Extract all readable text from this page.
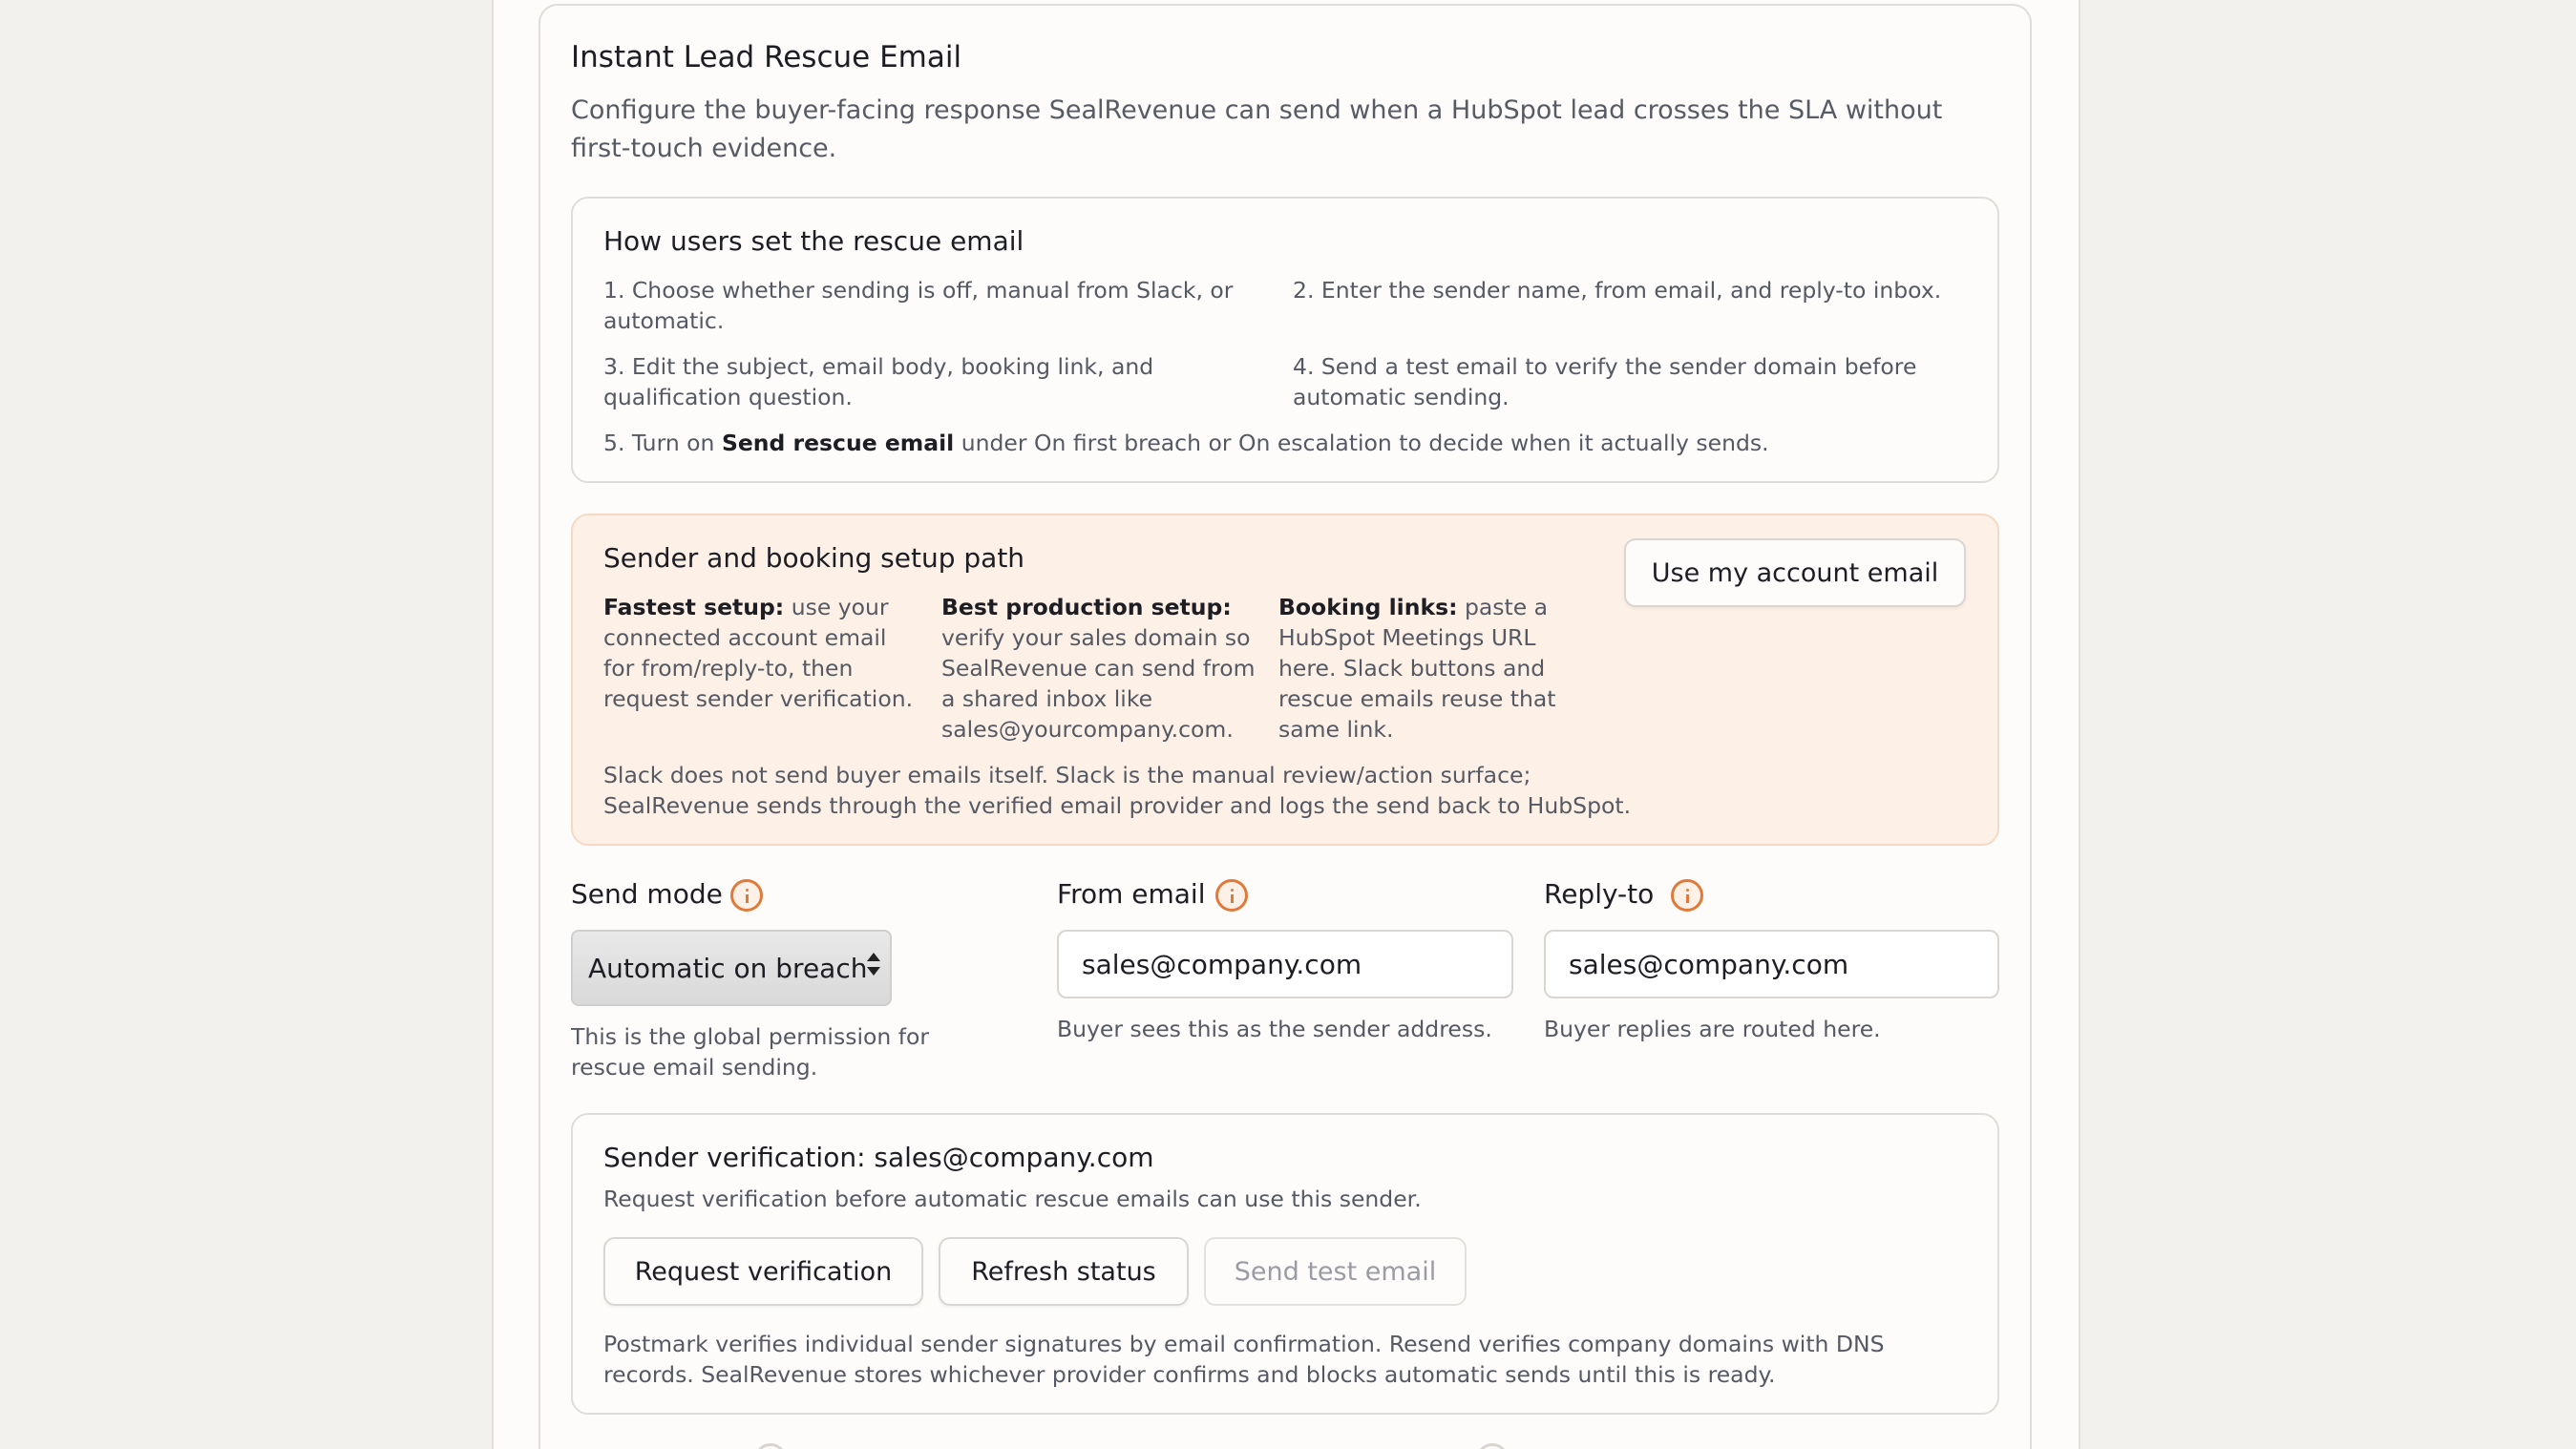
Instant Lead Rescue Email
Configure the buyer-facing response SealRevenue can send when a HubSpot lead crosses the SLA without first-touch evidence.
How users set the rescue email
1. Choose whether sending is off, manual from Slack, or automatic.
2. Enter the sender name, from email, and reply-to inbox.
3. Edit the subject, email body, booking link, and qualification question.
4. Send a test email to verify the sender domain before automatic sending.
5. Turn on Send rescue email under On first breach or On escalation to decide when it actually sends.
Sender and booking setup path	Use my account email
Fastest setup: use your connected account email for from/reply-to, then request sender verification.
Best production setup: verify your sales domain so SealRevenue can send from a shared inbox like sales@yourcompany.com.
Booking links: paste a HubSpot Meetings URL here. Slack buttons and rescue emails reuse that same link.
Slack does not send buyer emails itself. Slack is the manual review/action surface; SealRevenue sends through the verified email provider and logs the send back to HubSpot.
Send mode
Automatic on breach
This is the global permission for rescue email sending.
From email
sales@company.com
Buyer sees this as the sender address.
Reply-to
sales@company.com
Buyer replies are routed here.
Sender verification: sales@company.com
Request verification before automatic rescue emails can use this sender.
Request verification	Refresh status	Send test email
Postmark verifies individual sender signatures by email confirmation. Resend verifies company domains with DNS records. SealRevenue stores whichever provider confirms and blocks automatic sends until this is ready.
